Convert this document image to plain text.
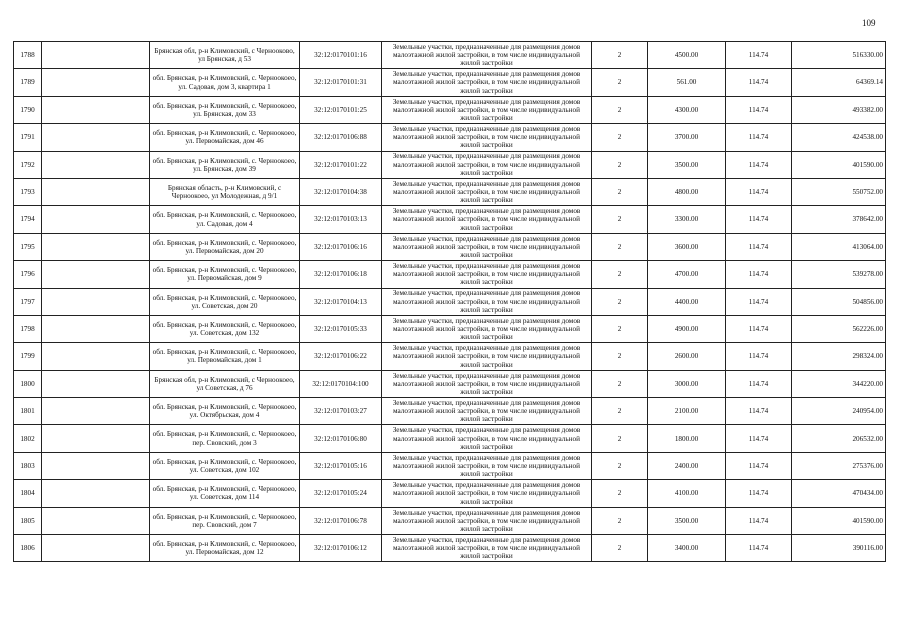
109
1788		Брянская обл, р-н Климовский, с Чернооково, ул Брянская, д 53	32:12:0170101:16	Земельные участки, предназначенные для размещения домов малоэтажной жилой застройки, в том числе индивидуальной жилой застройки	2	4500.00	114.74	516330.00
1789		обл. Брянская, р-н Климовский, с. Черноокоео, ул. Садовая, дом 3, квартира 1	32:12:0170101:31	Земельные участки, предназначенные для размещения домов малоэтажной жилой застройки, в том числе индивидуальной жилой застройки	2	561.00	114.74	64369.14
1790		обл. Брянская, р-н Климовский, с. Черноокоео, ул. Брянская, дом 33	32:12:0170101:25	Земельные участки, предназначенные для размещения домов малоэтажной жилой застройки, в том числе индивидуальной жилой застройки	2	4300.00	114.74	493382.00
1791		обл. Брянская, р-н Климовский, с. Черноокоео, ул. Первомайская, дом 46	32:12:0170106:88	Земельные участки, предназначенные для размещения домов малоэтажной жилой застройки, в том числе индивидуальной жилой застройки	2	3700.00	114.74	424538.00
1792		обл. Брянская, р-н Климовский, с. Черноокоео, ул. Брянская, дом 39	32:12:0170101:22	Земельные участки, предназначенные для размещения домов малоэтажной жилой застройки, в том числе индивидуальной жилой застройки	2	3500.00	114.74	401590.00
1793		Брянская область, р-н Климовский, с Черноокоео, ул Молодежная, д 9/1	32:12:0170104:38	Земельные участки, предназначенные для размещения домов малоэтажной жилой застройки, в том числе индивидуальной жилой застройки	2	4800.00	114.74	550752.00
1794		обл. Брянская, р-н Климовский, с. Черноокоео, ул. Садовая, дом 4	32:12:0170103:13	Земельные участки, предназначенные для размещения домов малоэтажной жилой застройки, в том числе индивидуальной жилой застройки	2	3300.00	114.74	378642.00
1795		обл. Брянская, р-н Климовский, с. Черноокоео, ул. Первомайская, дом 20	32:12:0170106:16	Земельные участки, предназначенные для размещения домов малоэтажной жилой застройки, в том числе индивидуальной жилой застройки	2	3600.00	114.74	413064.00
1796		обл. Брянская, р-н Климовский, с. Черноокоео, ул. Первомайская, дом 9	32:12:0170106:18	Земельные участки, предназначенные для размещения домов малоэтажной жилой застройки, в том числе индивидуальной жилой застройки	2	4700.00	114.74	539278.00
1797		обл. Брянская, р-н Климовский, с. Черноокоео, ул. Советская, дом 20	32:12:0170104:13	Земельные участки, предназначенные для размещения домов малоэтажной жилой застройки, в том числе индивидуальной жилой застройки	2	4400.00	114.74	504856.00
1798		обл. Брянская, р-н Климовский, с. Черноокоео, ул. Советская, дом 132	32:12:0170105:33	Земельные участки, предназначенные для размещения домов малоэтажной жилой застройки, в том числе индивидуальной жилой застройки	2	4900.00	114.74	562226.00
1799		обл. Брянская, р-н Климовский, с. Черноокоео, ул. Первомайская, дом 1	32:12:0170106:22	Земельные участки, предназначенные для размещения домов малоэтажной жилой застройки, в том числе индивидуальной жилой застройки	2	2600.00	114.74	298324.00
1800		Брянская обл, р-н Климовский, с Черноокоео, ул Советская, д 76	32:12:0170104:100	Земельные участки, предназначенные для размещения домов малоэтажной жилой застройки, в том числе индивидуальной жилой застройки	2	3000.00	114.74	344220.00
1801		обл. Брянская, р-н Климовский, с. Черноокоео, ул. Октябрьская, дом 4	32:12:0170103:27	Земельные участки, предназначенные для размещения домов малоэтажной жилой застройки, в том числе индивидуальной жилой застройки	2	2100.00	114.74	240954.00
1802		обл. Брянская, р-н Климовский, с. Черноокоео, пер. Cвовский, дом 3	32:12:0170106:80	Земельные участки, предназначенные для размещения домов малоэтажной жилой застройки, в том числе индивидуальной жилой застройки	2	1800.00	114.74	206532.00
1803		обл. Брянская, р-н Климовский, с. Черноокоео, ул. Советская, дом 102	32:12:0170105:16	Земельные участки, предназначенные для размещения домов малоэтажной жилой застройки, в том числе индивидуальной жилой застройки	2	2400.00	114.74	275376.00
1804		обл. Брянская, р-н Климовский, с. Черноокоео, ул. Советская, дом 114	32:12:0170105:24	Земельные участки, предназначенные для размещения домов малоэтажной жилой застройки, в том числе индивидуальной жилой застройки	2	4100.00	114.74	470434.00
1805		обл. Брянская, р-н Климовский, с. Черноокоео, пер. Cвовский, дом 7	32:12:0170106:78	Земельные участки, предназначенные для размещения домов малоэтажной жилой застройки, в том числе индивидуальной жилой застройки	2	3500.00	114.74	401590.00
1806		обл. Брянская, р-н Климовский, с. Черноокоео, ул. Первомайская, дом 12	32:12:0170106:12	Земельные участки, предназначенные для размещения домов малоэтажной жилой застройки, в том числе индивидуальной жилой застройки	2	3400.00	114.74	390116.00
